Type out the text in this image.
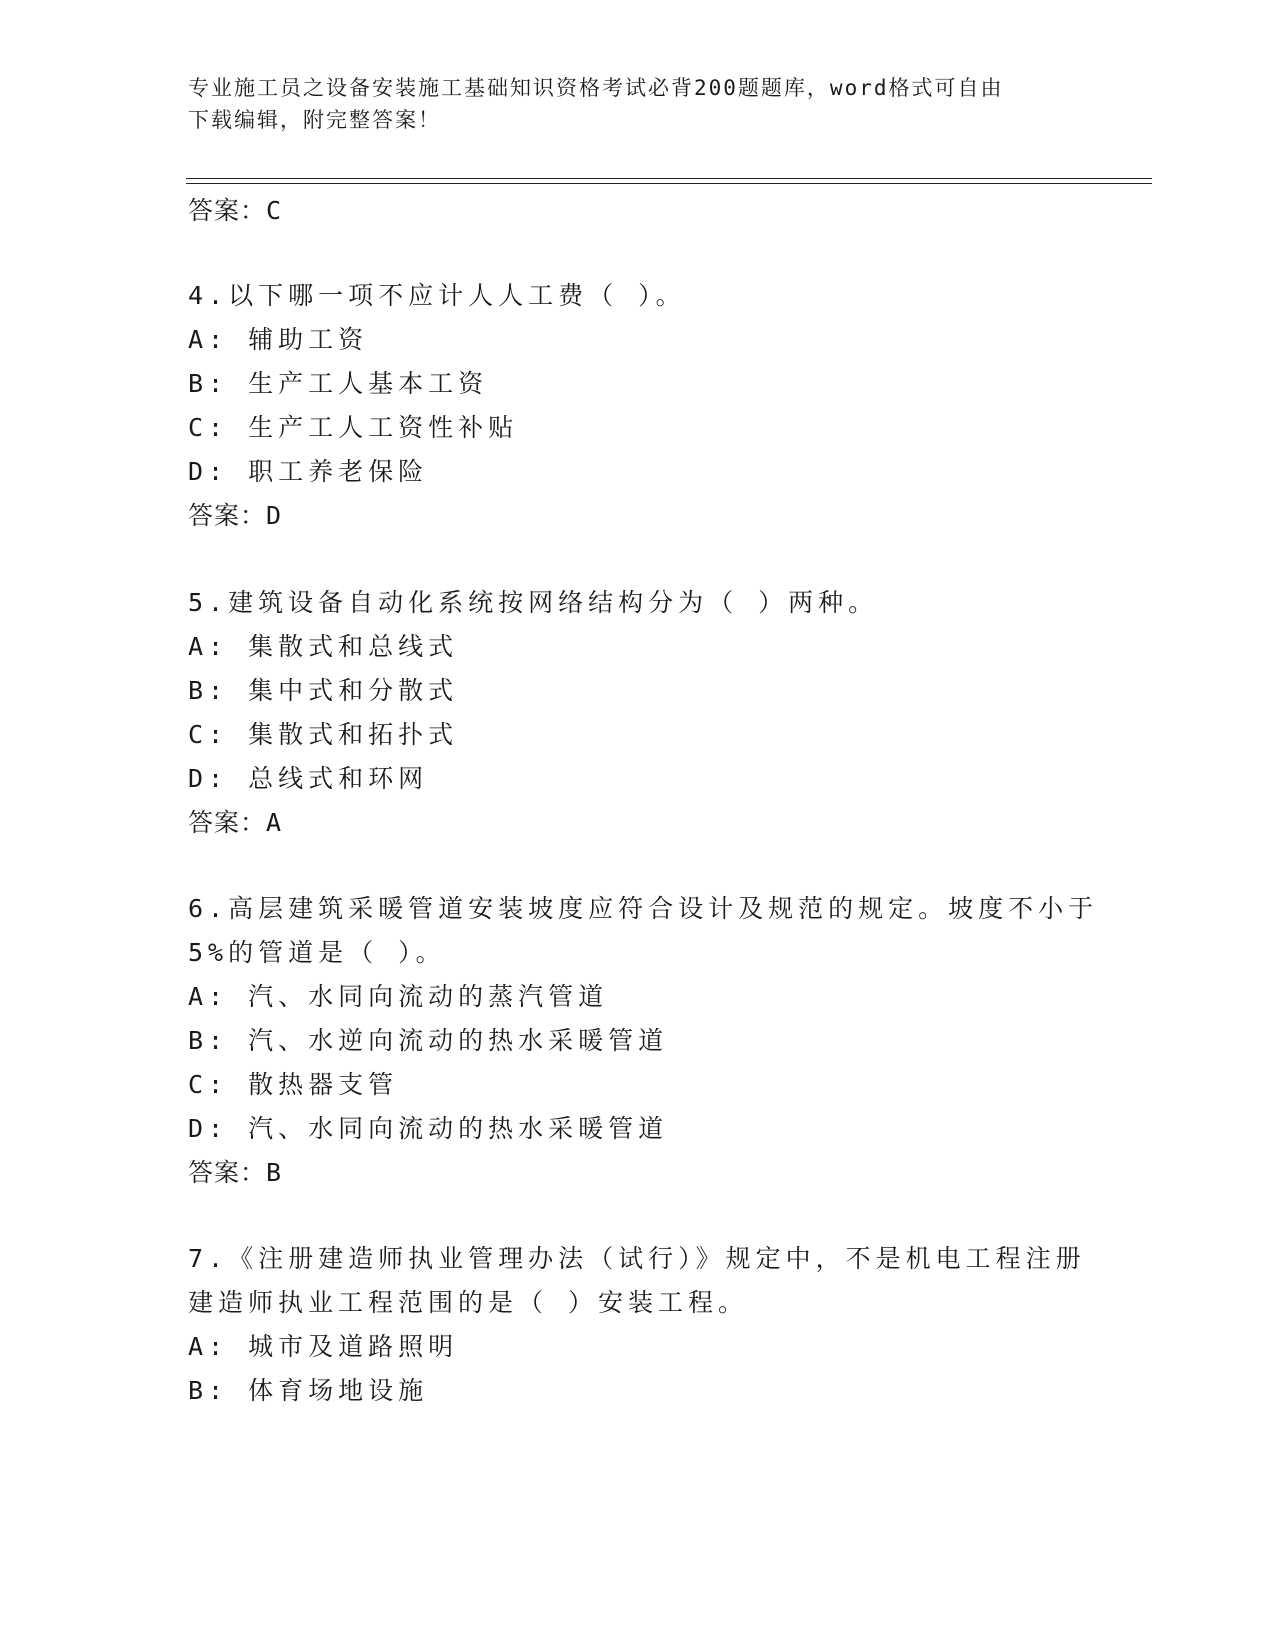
专业施工员之设备安装施工基础知识资格考试必背200题题库，word格式可自由
下载编辑，附完整答案！
答案：C
4.以下哪一项不应计人人工费（ ）。
A: 辅助工资
B: 生产工人基本工资
C: 生产工人工资性补贴
D: 职工养老保险
答案：D
5.建筑设备自动化系统按网络结构分为（ ）两种。
A: 集散式和总线式
B: 集中式和分散式
C: 集散式和拓扑式
D: 总线式和环网
答案：A
6.高层建筑采暖管道安装坡度应符合设计及规范的规定。坡度不小于
5%的管道是（ ）。
A: 汽、水同向流动的蒸汽管道
B: 汽、水逆向流动的热水采暖管道
C: 散热器支管
D: 汽、水同向流动的热水采暖管道
答案：B
7.《注册建造师执业管理办法（试行）》规定中，不是机电工程注册
建造师执业工程范围的是（ ）安装工程。
A: 城市及道路照明
B: 体育场地设施
